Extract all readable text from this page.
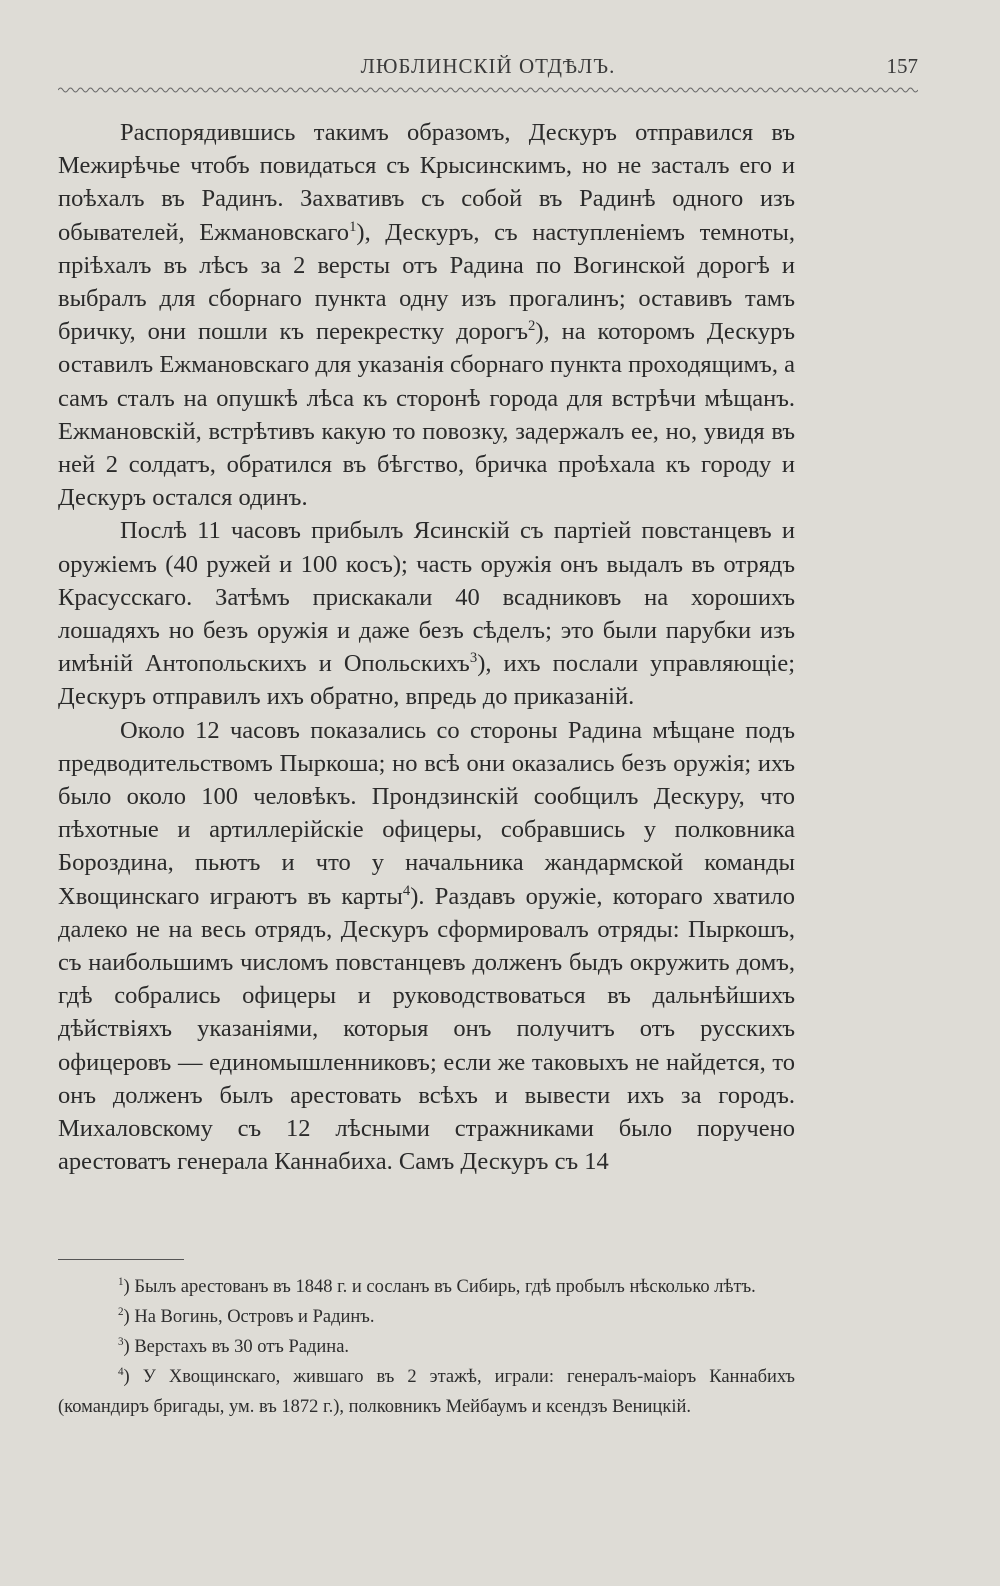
ЛЮБЛИНСКІЙ ОТДѢЛЪ.	157

Распорядившись такимъ образомъ, Дескуръ отправился въ Межирѣчье чтобъ повидаться съ Крысинскимъ, но не засталъ его и поѣхалъ въ Радинъ. Захвативъ съ собой въ Радинѣ одного изъ обывателей, Ежмановскаго$^1$), Дескуръ, съ наступленіемъ темноты, пріѣхалъ въ лѣсъ за 2 версты отъ Радина по Вогинской дорогѣ и выбралъ для сборнаго пункта одну изъ прогалинъ; оставивъ тамъ бричку, они пошли къ перекрестку дорогъ$^2$), на которомъ Дескуръ оставилъ Ежмановскаго для указанія сборнаго пункта проходящимъ, а самъ сталъ на опушкѣ лѣса къ сторонѣ города для встрѣчи мѣщанъ. Ежмановскій, встрѣтивъ какую то повозку, задержалъ ее, но, увидя въ ней 2 солдатъ, обратился въ бѣгство, бричка проѣхала къ городу и Дескуръ остался одинъ.

Послѣ 11 часовъ прибылъ Ясинскій съ партіей повстанцевъ и оружіемъ (40 ружей и 100 косъ); часть оружія онъ выдалъ въ отрядъ Красусскаго. Затѣмъ прискакали 40 всадниковъ на хорошихъ лошадяхъ но безъ оружія и даже безъ сѣделъ; это были парубки изъ имѣній Антопольскихъ и Опольскихъ$^3$), ихъ послали управляющіе; Дескуръ отправилъ ихъ обратно, впредь до приказаній.

Около 12 часовъ показались со стороны Радина мѣщане подъ предводительствомъ Пыркоша; но всѣ они оказались безъ оружія; ихъ было около 100 человѣкъ. Прондзинскій сообщилъ Дескуру, что пѣхотные и артиллерійскіе офицеры, собравшись у полковника Бороздина, пьютъ и что у начальника жандармской команды Хвощинскаго играютъ въ карты$^4$). Раздавъ оружіе, котораго хватило далеко не на весь отрядъ, Дескуръ сформировалъ отряды: Пыркошъ, съ наибольшимъ числомъ повстанцевъ долженъ быдъ окружить домъ, гдѣ собрались офицеры и руководствоваться въ дальнѣйшихъ дѣйствіяхъ указаніями, которыя онъ получитъ отъ русскихъ офицеровъ — единомышленниковъ; если же таковыхъ не найдется, то онъ долженъ былъ арестовать всѣхъ и вывести ихъ за городъ. Михаловскому съ 12 лѣсными стражниками было поручено арестоватъ генерала Каннабиха. Самъ Дескуръ съ 14

$^1$) Былъ арестованъ въ 1848 г. и сосланъ въ Сибирь, гдѣ пробылъ нѣсколько лѣтъ.

$^2$) На Вогинь, Островъ и Радинъ.

$^3$) Верстахъ въ 30 отъ Радина.

$^4$) У Хвощинскаго, жившаго въ 2 этажѣ, играли: генералъ-маіоръ Каннабихъ (командиръ бригады, ум. въ 1872 г.), полковникъ Мейбаумъ и ксендзъ Веницкій.
